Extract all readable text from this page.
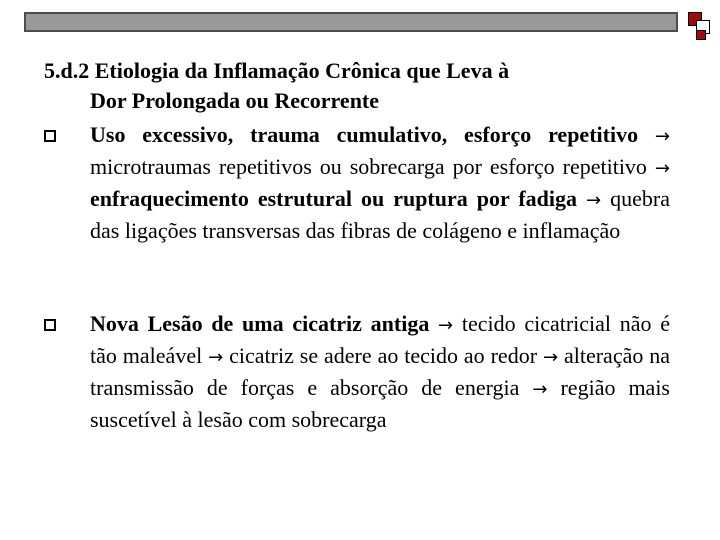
5.d.2 Etiologia da Inflamação Crônica que Leva à
Dor Prolongada ou Recorrente
Uso excessivo, trauma cumulativo, esforço repetitivo → microtraumas repetitivos ou sobrecarga por esforço repetitivo →enfraquecimento estrutural ou ruptura por fadiga → quebra das ligações transversas das fibras de colágeno e inflamação
Nova Lesão de uma cicatriz antiga → tecido cicatricial não é tão maleável → cicatriz se adere ao tecido ao redor → alteração na transmissão de forças e absorção de energia → região mais suscetível à lesão com sobrecarga
